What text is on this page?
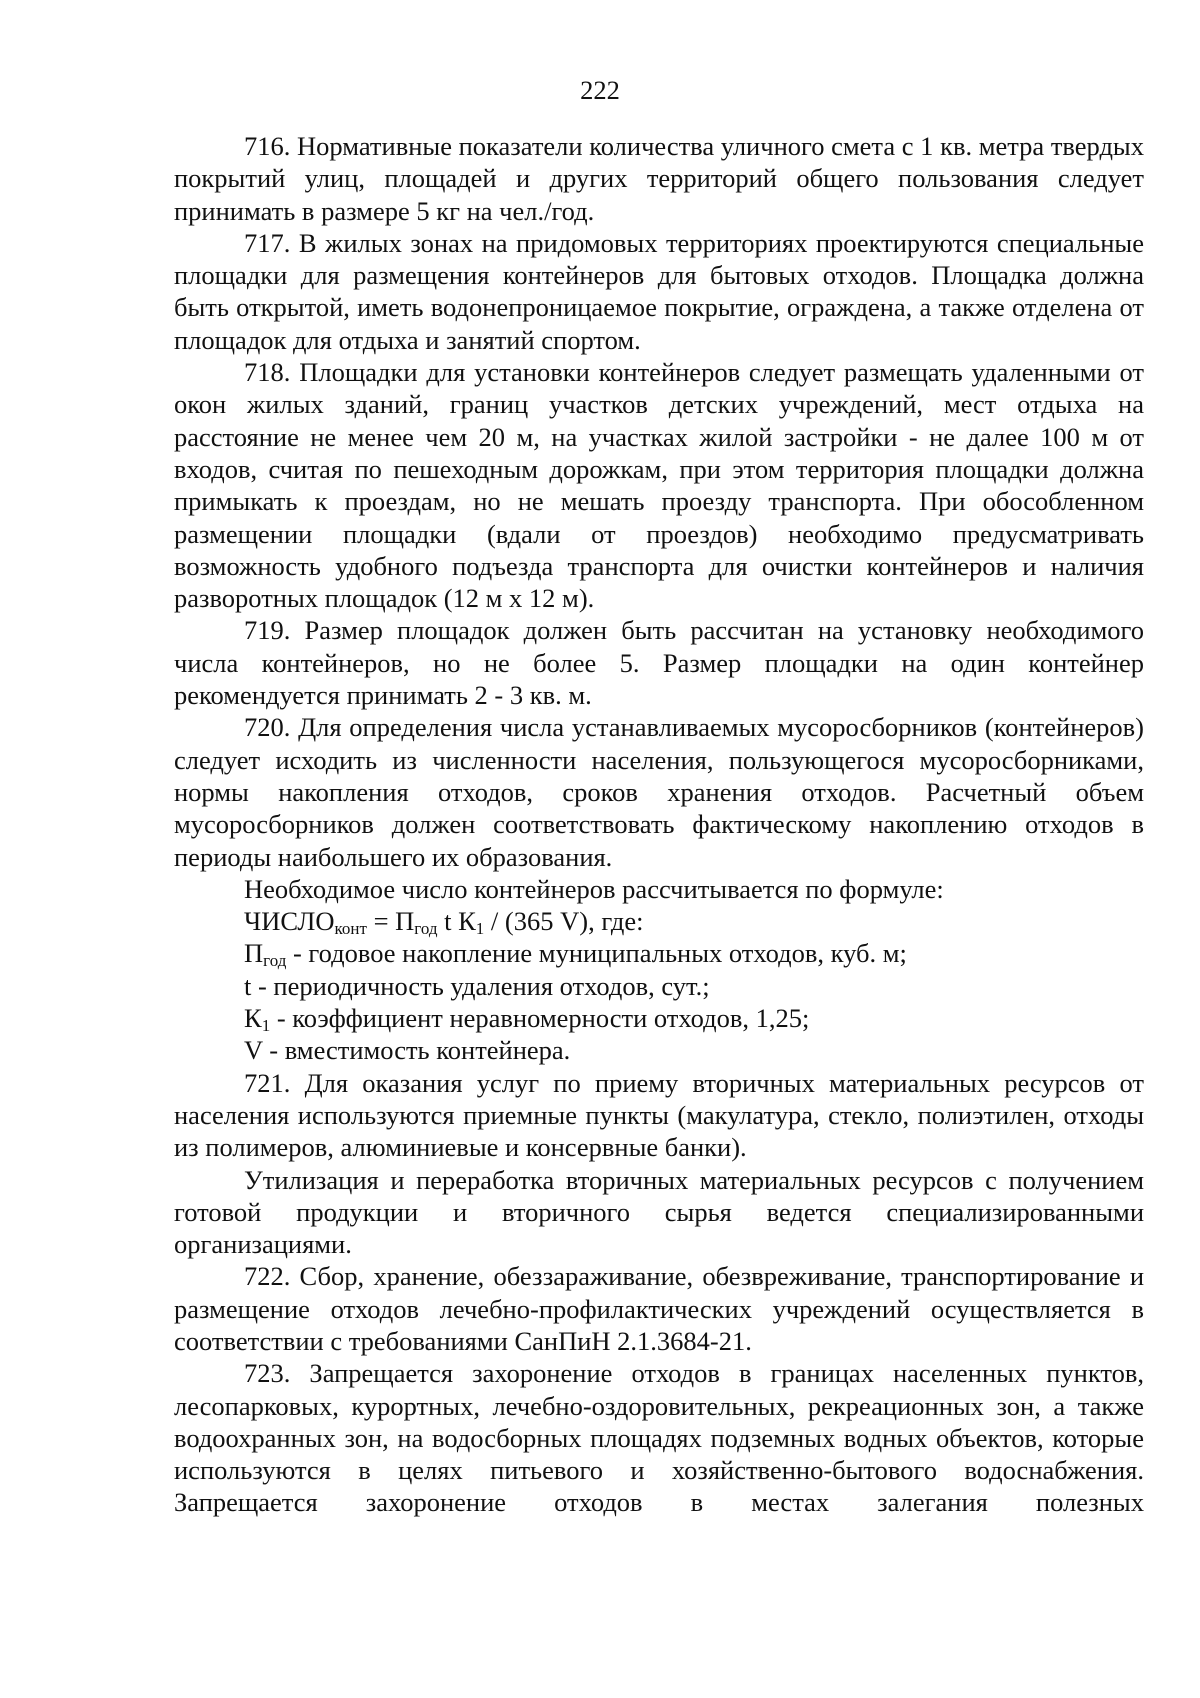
222

716. Нормативные показатели количества уличного смета с 1 кв. метра твердых покрытий улиц, площадей и других территорий общего пользования следует принимать в размере 5 кг на чел./год.

717. В жилых зонах на придомовых территориях проектируются специальные площадки для размещения контейнеров для бытовых отходов. Площадка должна быть открытой, иметь водонепроницаемое покрытие, ограждена, а также отделена от площадок для отдыха и занятий спортом.

718. Площадки для установки контейнеров следует размещать удаленными от окон жилых зданий, границ участков детских учреждений, мест отдыха на расстояние не менее чем 20 м, на участках жилой застройки - не далее 100 м от входов, считая по пешеходным дорожкам, при этом территория площадки должна примыкать к проездам, но не мешать проезду транспорта. При обособленном размещении площадки (вдали от проездов) необходимо предусматривать возможность удобного подъезда транспорта для очистки контейнеров и наличия разворотных площадок (12 м х 12 м).

719. Размер площадок должен быть рассчитан на установку необходимого числа контейнеров, но не более 5. Размер площадки на один контейнер рекомендуется принимать 2 - 3 кв. м.

720. Для определения числа устанавливаемых мусоросборников (контейнеров) следует исходить из численности населения, пользующегося мусоросборниками, нормы накопления отходов, сроков хранения отходов. Расчетный объем мусоросборников должен соответствовать фактическому накоплению отходов в периоды наибольшего их образования.

Необходимое число контейнеров рассчитывается по формуле:

$ЧИСЛО_{конт} = П_{год}$ t $К_1 / (365$ V), где:

$П_{год}$ - годовое накопление муниципальных отходов, куб. м;

t - периодичность удаления отходов, сут.;

$К_1$ - коэффициент неравномерности отходов, 1,25;

V - вместимость контейнера.

721. Для оказания услуг по приему вторичных материальных ресурсов от населения используются приемные пункты (макулатура, стекло, полиэтилен, отходы из полимеров, алюминиевые и консервные банки).

Утилизация и переработка вторичных материальных ресурсов с получением готовой продукции и вторичного сырья ведется специализированными организациями.

722. Сбор, хранение, обеззараживание, обезвреживание, транспортирование и размещение отходов лечебно-профилактических учреждений осуществляется в соответствии с требованиями СанПиН 2.1.3684-21.

723. Запрещается захоронение отходов в границах населенных пунктов, лесопарковых, курортных, лечебно-оздоровительных, рекреационных зон, а также водоохранных зон, на водосборных площадях подземных водных объектов, которые используются в целях питьевого и хозяйственно-бытового водоснабжения. Запрещается захоронение отходов в местах залегания полезных
